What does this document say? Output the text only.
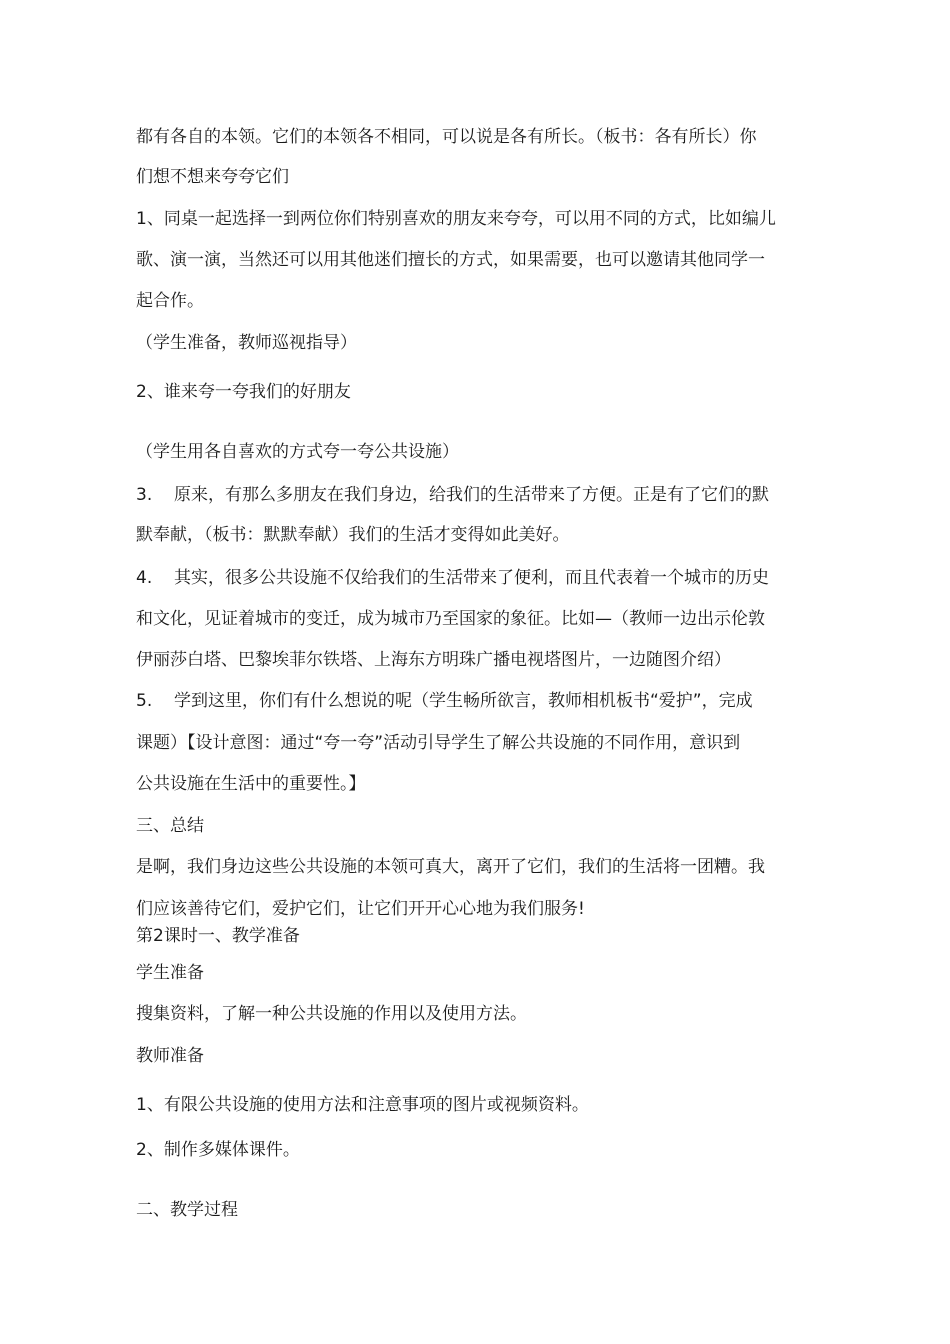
都有各自的本领。它们的本领各不相同，可以说是各有所长。（板书：各有所长）你
们想不想来夸夸它们
1、同桌一起选择一到两位你们特别喜欢的朋友来夸夸，可以用不同的方式，比如编儿
歌、演一演，当然还可以用其他迷们擅长的方式，如果需要，也可以邀请其他同学一
起合作。
（学生准备，教师巡视指导）
2、谁来夸一夸我们的好朋友
（学生用各自喜欢的方式夸一夸公共设施）
3. 原来，有那么多朋友在我们身边，给我们的生活带来了方便。正是有了它们的默
默奉献，（板书：默默奉献）我们的生活才变得如此美好。
4. 其实，很多公共设施不仅给我们的生活带来了便利，而且代表着一个城市的历史
和文化，见证着城市的变迁，成为城市乃至国家的象征。比如—（教师一边出示伦敦
伊丽莎白塔、巴黎埃菲尔铁塔、上海东方明珠广播电视塔图片，一边随图介绍）
5. 学到这里，你们有什么想说的呢（学生畅所欲言，教师相机板书“爱护”，完成
课题）【设计意图：通过“夸一夸”活动引导学生了解公共设施的不同作用，意识到
公共设施在生活中的重要性。】
三、总结
是啊，我们身边这些公共设施的本领可真大，离开了它们，我们的生活将一团糟。我
们应该善待它们，爱护它们，让它们开开心心地为我们服务!
第2课时一、教学准备
学生准备
搜集资料，了解一种公共设施的作用以及使用方法。
教师准备
1、有限公共设施的使用方法和注意事项的图片或视频资料。
2、制作多媒体课件。
二、教学过程
